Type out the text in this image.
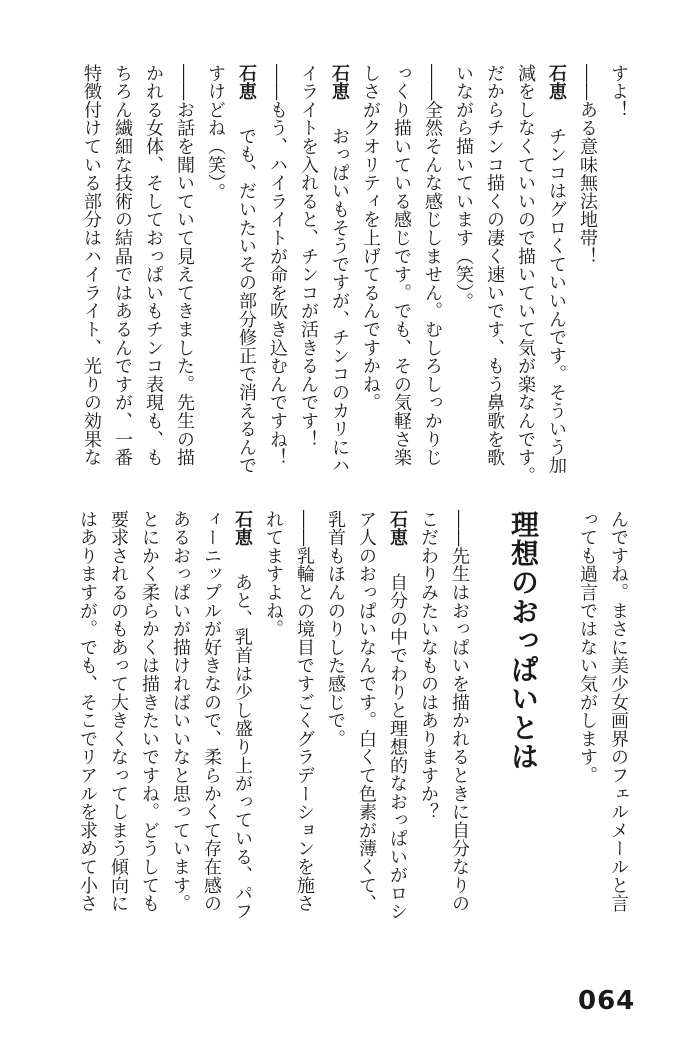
すよ！
――ある意味無法地帯！
石恵　チンコはグロくていいんです。そういう加
減をしなくていいので描いていて気が楽なんです。
だからチンコ描くの凄く速いです、もう鼻歌を歌
いながら描いています（笑）。
――全然そんな感じしません。むしろしっかりじ
っくり描いている感じです。でも、その気軽さ楽
しさがクオリティを上げてるんですかね。
石恵　おっぱいもそうですが、チンコのカリにハ
イライトを入れると、チンコが活きるんです！
――もう、ハイライトが命を吹き込むんですね！
石恵　でも、だいたいその部分修正で消えるんで
すけどね（笑）。
――お話を聞いていて見えてきました。先生の描
かれる女体、そしておっぱいもチンコ表現も、も
ちろん繊細な技術の結晶ではあるんですが、一番
特徴付けている部分はハイライト、光りの効果な
んですね。まさに美少女画界のフェルメールと言
っても過言ではない気がします。
理想のおっぱいとは
――先生はおっぱいを描かれるときに自分なりの
こだわりみたいなものはありますか？
石恵　自分の中でわりと理想的なおっぱいがロシ
ア人のおっぱいなんです。白くて色素が薄くて、
乳首もほんのりした感じで。
――乳輪との境目ですごくグラデーションを施さ
れてますよね。
石恵　あと、乳首は少し盛り上がっている、パフ
ィーニップルが好きなので、柔らかくて存在感の
あるおっぱいが描ければいいなと思っています。
とにかく柔らかくは描きたいですね。どうしても
要求されるのもあって大きくなってしまう傾向に
はありますが。でも、そこでリアルを求めて小さ
064
